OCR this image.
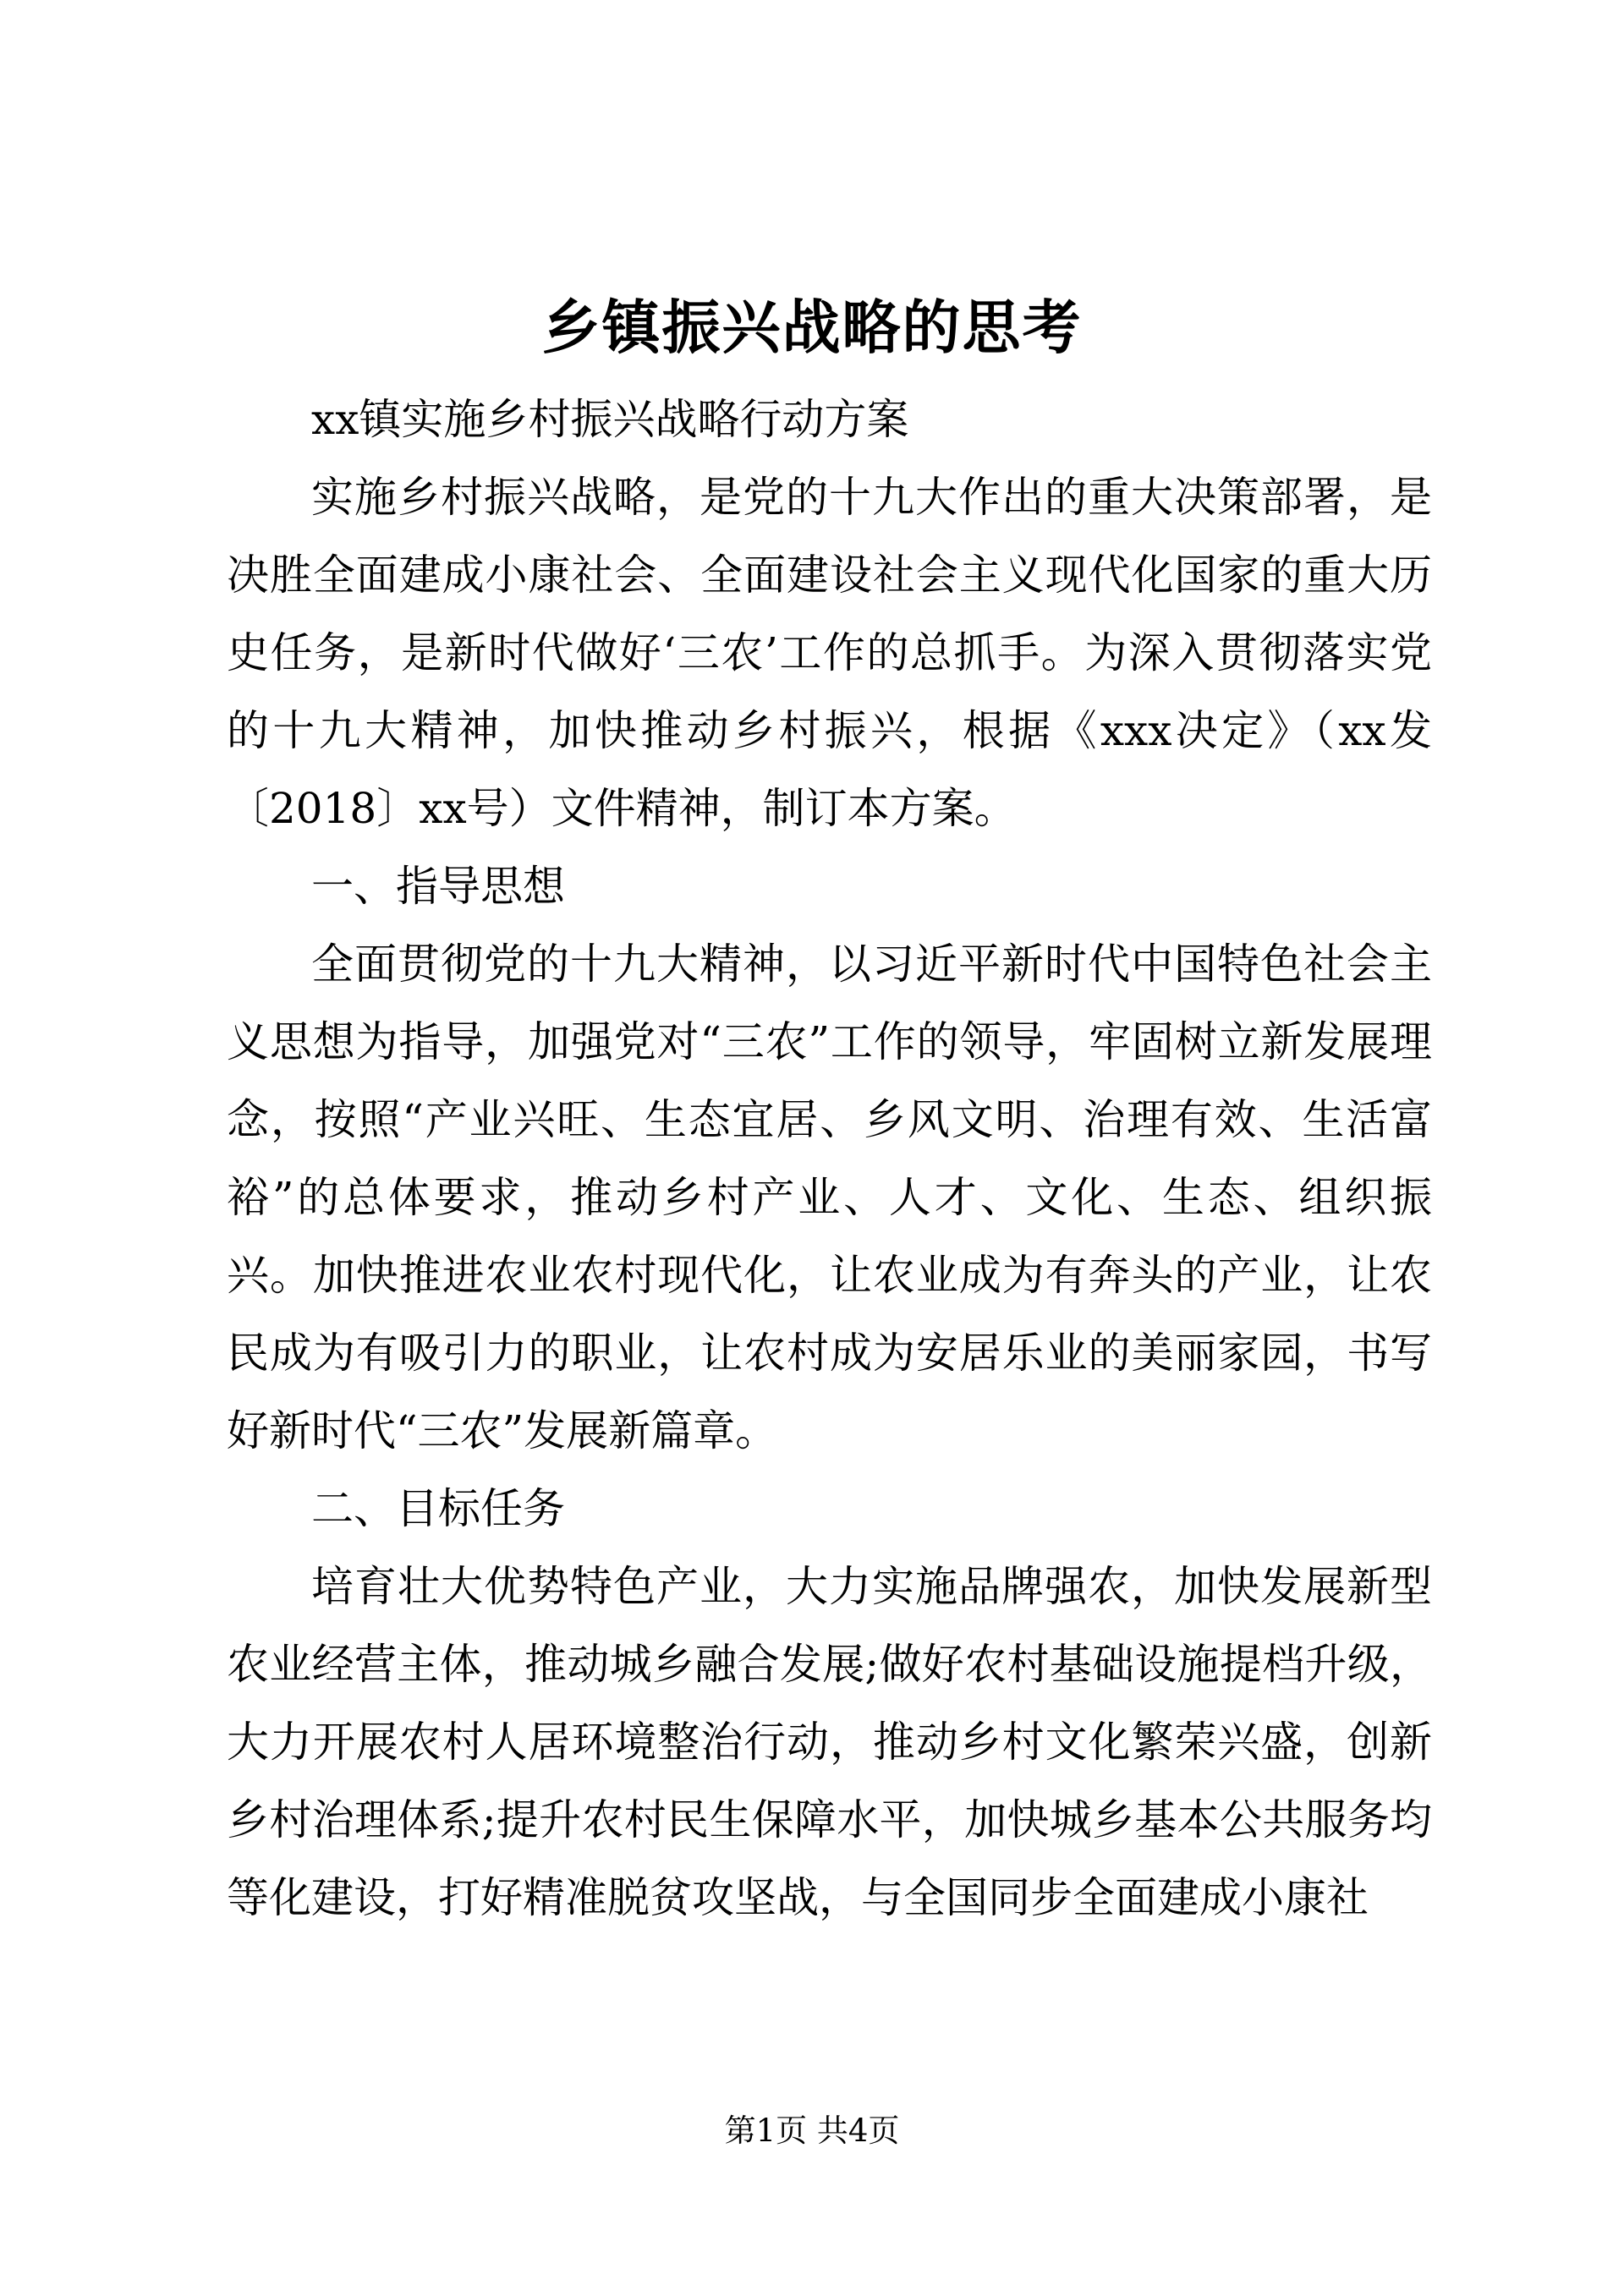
乡镇振兴战略的思考

xx镇实施乡村振兴战略行动方案

实施乡村振兴战略，是党的十九大作出的重大决策部署，是决胜全面建成小康社会、全面建设社会主义现代化国家的重大历史任务，是新时代做好‘三农’工作的总抓手。为深入贯彻落实党的十九大精神，加快推动乡村振兴，根据《xxx决定》（xx发〔2018〕xx号）文件精神，制订本方案。

一、指导思想

全面贯彻党的十九大精神，以习近平新时代中国特色社会主义思想为指导，加强党对“三农”工作的领导，牢固树立新发展理念，按照“产业兴旺、生态宜居、乡风文明、治理有效、生活富裕”的总体要求，推动乡村产业、人才、文化、生态、组织振兴。加快推进农业农村现代化，让农业成为有奔头的产业，让农民成为有吸引力的职业，让农村成为安居乐业的美丽家园，书写好新时代“三农”发展新篇章。

二、目标任务

培育壮大优势特色产业，大力实施品牌强农，加快发展新型农业经营主体，推动城乡融合发展;做好农村基础设施提档升级，大力开展农村人居环境整治行动，推动乡村文化繁荣兴盛，创新乡村治理体系;提升农村民生保障水平，加快城乡基本公共服务均等化建设，打好精准脱贫攻坚战，与全国同步全面建成小康社

第1页 共4页
